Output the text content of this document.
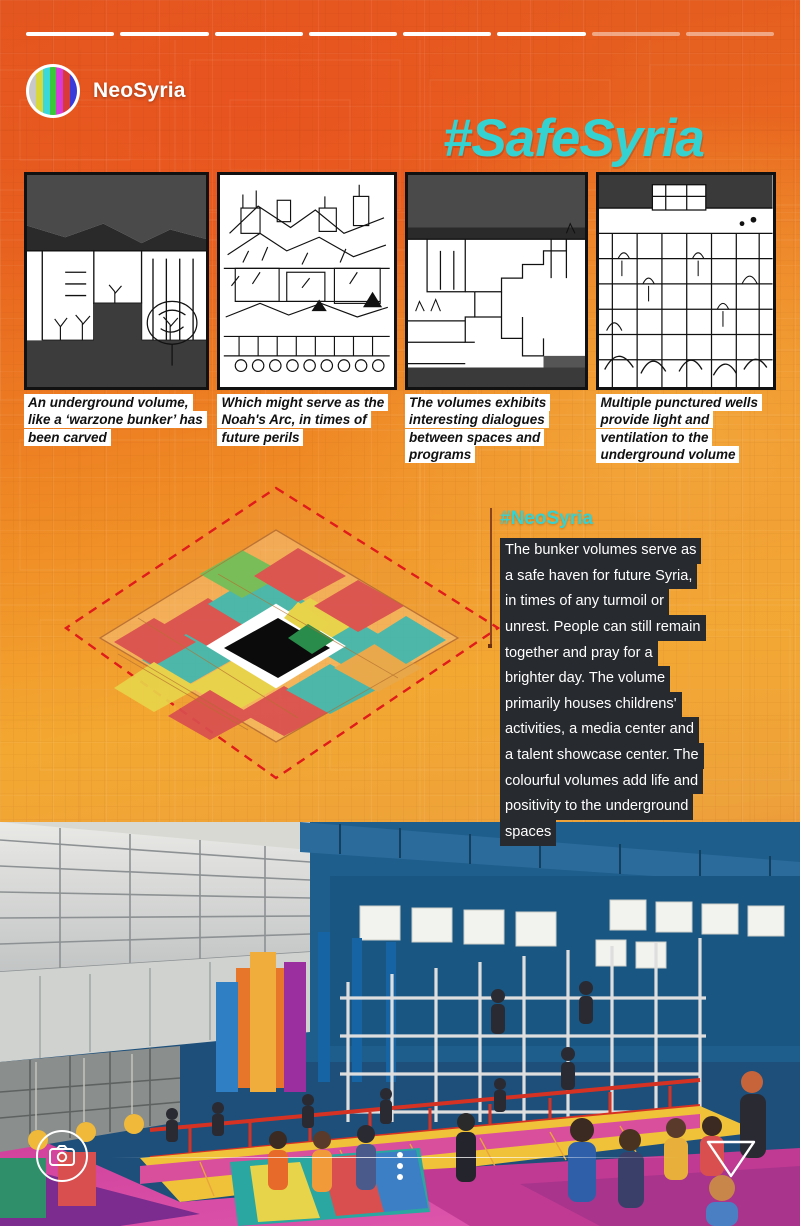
NeoSyria
#SafeSyria
An underground volume, like a ‘warzone bunker’ has been carved
Which might serve as the Noah's Arc, in times of future perils
The volumes exhibits interesting dialogues between spaces and programs
Multiple punctured wells provide light and ventilation to the underground volume
#NeoSyria
The bunker volumes serve as
a safe haven for future Syria,
in times of any turmoil or
unrest. People can still remain
together and pray for a
brighter day. The volume
primarily houses childrens'
activities, a media center and
a talent showcase center. The
colourful volumes add life and
positivity to the underground
spaces
